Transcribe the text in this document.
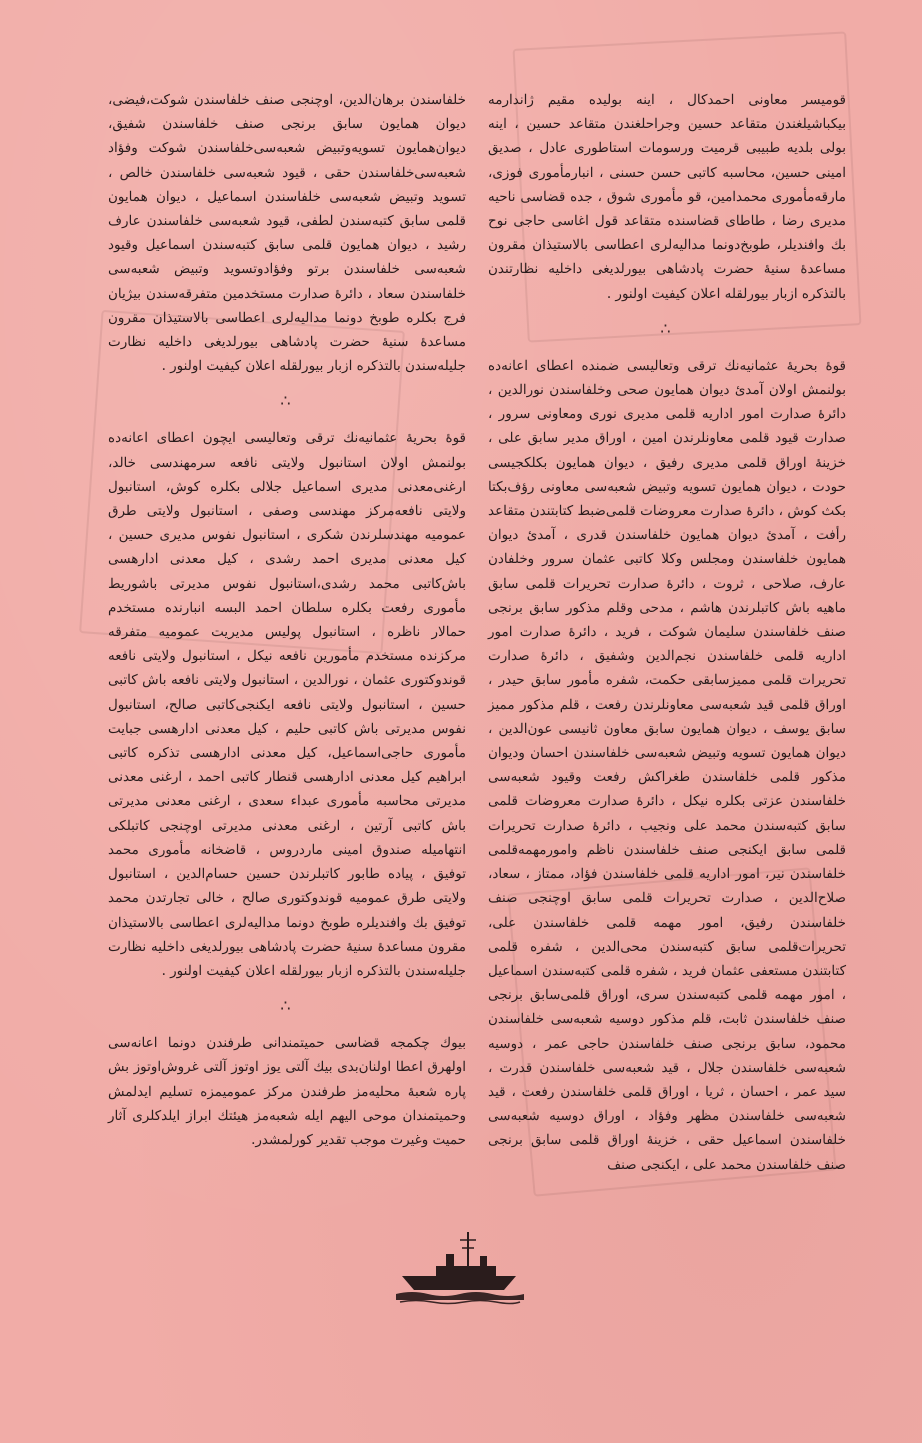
قومیسر معاونی احمدکال ، اینه بولیده مقیم ژاندارمه بیکباشیلغندن متقاعد حسین وجراحلغندن متقاعد حسین ، اینه بولی بلدیه طبیبی قرمیت ورسومات استاطوری عادل ، صدیق امینی حسین، محاسبه کاتبی حسن حسنی ، انبارمأموری فوزی، مارقه‌مأموری محمدامین، قو مأموری شوق ، جده قضاسی ناحیه مدیری رضا ، طاطای قضاسنده متقاعد قول اغاسی حاجی نوح بك وافندیلر، طوبخ‌دونما مدالیه‌لری اعطاسی بالاستیذان مقرون مساعدهٔ سنیهٔ حضرت پادشاهی بیورلدیغی داخلیه نظارتندن بالتذکره ازبار بیورلقله اعلان کیفیت اولنور .

∴

قوهٔ بحریهٔ عثمانیه‌نك ترقی وتعالیسی ضمنده اعطای اعانه‌ده بولنمش اولان آمدیٔ دیوان همایون صحی وخلفاسندن نورالدین ، دائرهٔ صدارت امور اداریه قلمی مدیری نوری ومعاونی سرور ، صدارت قیود قلمی معاونلرندن امین ، اوراق مدیر سابق علی ، خزینهٔ اوراق قلمی مدیری رفیق ، دیوان همایون بکلکجیسی حودت ، دیوان همایون تسویه وتبیض شعبه‌سی معاونی رؤف‌بکتا بکث کوش ، دائرهٔ صدارت معروضات قلمی‌ضبط کتابتندن متقاعد رأفت ، آمدیٔ دیوان همایون خلفاسندن قدری ، آمدیٔ دیوان همایون خلفاسندن ومجلس وکلا کاتبی عثمان سرور وخلفادن عارف، صلاحی ، ثروت ، دائرهٔ صدارت تحریرات قلمی سابق ماهیه باش کاتبلرندن هاشم ، مدحی وقلم مذکور سابق برنجی صنف خلفاسندن سلیمان شوکت ، فرید ، دائرهٔ صدارت امور اداریه قلمی خلفاسندن نجم‌الدین وشفیق ، دائرهٔ صدارت تحریرات قلمی مميزسابقی حکمت، شفره مأمور سابق حیدر ، اوراق قلمی قید شعبه‌سی معاونلرندن رفعت ، قلم مذکور مميز سابق یوسف ، دیوان همایون سابق معاون ثانیسی عون‌الدین ، دیوان همایون تسویه وتبیض شعبه‌سی خلفاسندن احسان ودیوان مذکور قلمی خلفاسندن طغراکش رفعت وقیود شعبه‌سی خلفاسندن عزتی بکلره نیکل ، دائرهٔ صدارت معروضات قلمی سابق کتبه‌سندن محمد علی ونجیب ، دائرهٔ صدارت تحریرات قلمی سابق ایکنجی صنف خلفاسندن ناظم وامورمهمه‌قلمی خلفاسندن نیر، امور اداریه قلمی خلفاسندن فؤاد، ممتاز ، سعاد، صلاح‌الدین ، صدارت تحریرات قلمی سابق اوچنجی صنف خلفاسندن رفیق، امور مهمه قلمی خلفاسندن علی، تحریرات‌قلمی سابق کتبه‌سندن محی‌الدین ، شفره قلمی کتابتندن مستعفی عثمان فرید ، شفره قلمی کتبه‌سندن اسماعیل ، امور مهمه قلمی کتبه‌سندن سری، اوراق قلمی‌سابق برنجی صنف خلفاسندن ثابت، قلم مذکور دوسیه شعبه‌سی خلفاسندن محمود، سابق برنجی صنف خلفاسندن حاجی عمر ، دوسیه شعبه‌سی خلفاسندن جلال ، قید شعبه‌سی خلفاسندن قدرت ، سید عمر ، احسان ، ثریا ، اوراق قلمی خلفاسندن رفعت ، قید شعبه‌سی خلفاسندن مظهر وفؤاد ، اوراق دوسیه شعبه‌سی خلفاسندن اسماعیل حقی ، خزینهٔ اوراق قلمی سابق برنجی صنف خلفاسندن محمد علی ، ایکنجی صنف

خلفاسندن برهان‌الدین، اوچنجی صنف خلفاسندن شوکت،فیضی، دیوان همایون سابق برنجی صنف خلفاسندن شفیق، دیوان‌همایون تسویه‌وتبیض شعبه‌سی‌خلفاسندن شوکت وفؤاد شعبه‌سی‌خلفاسندن حقی ، قیود شعبه‌سی خلفاسندن خالص ، تسوید وتبیض شعبه‌سی خلفاسندن اسماعیل ، دیوان همایون قلمی سابق کتبه‌سندن لطفی، قیود شعبه‌سی خلفاسندن عارف رشید ، دیوان همایون قلمی سابق کتبه‌سندن اسماعیل وقیود شعبه‌سی خلفاسندن برتو وفؤادوتسوید وتبیض شعبه‌سی خلفاسندن سعاد ، دائرهٔ صدارت مستخدمین متفرقه‌سندن بیژیان فرج بکلره طوبخ دونما مدالیه‌لری اعطاسی بالاستیذان مقرون مساعدهٔ سنیهٔ حضرت پادشاهی بیورلدیغی داخلیه نظارت جلیله‌سندن بالتذکره ازبار بیورلقله اعلان کیفیت اولنور .

∴

قوهٔ بحریهٔ عثمانیه‌نك ترقی وتعالیسی ایچون اعطای اعانه‌ده بولنمش اولان استانبول ولایتی نافعه سرمهندسی خالد، ارغنی‌معدنی مدیری اسماعیل جلالی بکلره کوش، استانبول ولایتی نافعه‌مرکز مهندسی وصفی ، استانبول ولایتی طرق عمومیه مهندسلرندن شکری ، استانبول نفوس مدیری حسین ، کیل معدنی مدیری احمد رشدی ، کیل معدنی ادارهسی باش‌کاتبی محمد رشدی،استانبول نفوس مدیرتی باشوریط مأموری رفعت بکلره سلطان احمد البسه انبارنده مستخدم حمالار ناظره ، استانبول پولیس مدیریت عمومیه متفرقه مرکزنده مستخدم مأمورین نافعه نیکل ، استانبول ولایتی نافعه قوندوکتوری عثمان ، نورالدین ، استانبول ولایتی نافعه باش کاتبی حسین ، استانبول ولایتی نافعه ایکنجی‌کاتبی صالح، استانبول نفوس مدیرتی باش کاتبی حلیم ، کیل معدنی ادارهسی جبایت مأموری حاجی‌اسماعیل، کیل معدنی ادارهسی تذکره کاتبی ابراهیم کیل معدنی ادارهسی قنطار کاتبی احمد ، ارغنی معدنی مدیرتی محاسبه مأموری عبداء سعدی ، ارغنی معدنی مدیرتی باش کاتبی آرتین ، ارغنی معدنی مدیرتی اوچنجی کاتبلکی انتهامیله صندوق امینی ماردروس ، قاضخانه مأموری محمد توفیق ، پیاده طابور کاتبلرندن حسین حسام‌الدین ، استانبول ولایتی طرق عمومیه قوندوکتوری صالح ، خالی تجارتدن محمد توفیق بك وافندیلره طوبخ دونما مدالیه‌لری اعطاسی بالاستیذان مقرون مساعدهٔ سنیهٔ حضرت پادشاهی بیورلدیغی داخلیه نظارت جلیله‌سندن بالتذکره ازبار بیورلقله اعلان کیفیت اولنور .

∴

بیوك چکمجه قضاسی حمیتمندانی طرفندن دونما اعانه‌سی اولهرق اعطا اولنان‌بدی بیك آلتی یوز اوتوز آلتی غروش‌اوتوز بش پاره شعبهٔ محلیه‌مز طرفندن مرکز عمومیمزه تسلیم ایدلمش وحمیتمندان موحی الیهم ایله شعبه‌مز هیئتك ابراز ایلدکلری آثار حمیت وغیرت موجب تقدیر کورلمشدر.
